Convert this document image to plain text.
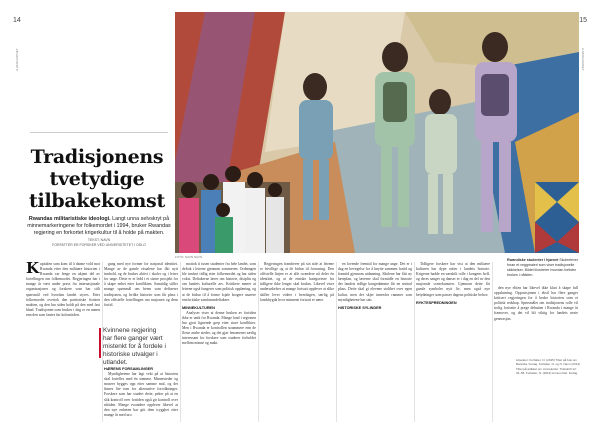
14	15
A-MAGASINET	A-MAGASINET
FOTO: NAVN NAVN
Tradisjonens tvetydige tilbakekomst
Rwandas militaristiske ideologi. Langt unna selvskryt på minnemarkeringene for folkemordet i 1994, bruker Rwandas regjering en forkortet krigerkultur til å holde på makten.
TEKST: NAVN
FORFATTER ER FORSKER VED UNIVERSITETET I OSLO
Rwandiske studenter i hjørnet Skoleelever foran et veggmaleri som viser tradisjonelle skikkelser. Bildet illustrerer hvordan fortiden brukes i nåtiden.

Kapitalen som kom til å danne vold mot Rwanda etter den militære historien i Rwanda var lenge en ukjent del av fortellingen om folkemordet. Regjeringen har i mange år vært under press fra internasjonale organisasjoner og forskere som har stilt spørsmål ved hvordan landet styres. Etter folkemordet overtok den patriotiske fronten makten, og den har siden holdt på den med fast hånd. Tradisjonen som brukes i dag er en annen enn den som fantes før kolonitiden.

gang med nye former for nasjonal identitet. Mange av de gamle ritualene har fått nytt innhold, og de brukes aktivt i skoler og i leirer for unge. Dette er et ledd i et større prosjekt for å skape enhet etter konflikten. Samtidig stiller mange spørsmål om hvem som definerer tradisjonen, og hvilke historier som får plass i den offisielle fortellingen om nasjonen og dens fortid.

Kvinnene regjering har flere ganger vært mistenkt for å fordele i historiske utvalger i utlandet.

HÆRENS FORSAMLINGER

Myndighetene har lagt vekt på at historien skal fortelles med én stemme. Minnesteder og museer bygges opp etter samme mal, og det finnes lite rom for alternative fortolkninger. Forskere som har studert dette, peker på at en slik kontroll over fortiden også gir kontroll over nåtiden. Mange rwandere opplever likevel at den nye enheten har gitt dem trygghet etter mange år med uro.

mottok ti tusen studenter fra hele landet, som deltok i leirene gjennom sommeren. Ordningen ble innført tidlig etter folkemordet og har siden vokst. Deltakerne lærer om historie, disiplin og om landets kulturelle arv. Kritikere mener at leirene også fungerer som politisk opplæring, og at de bidrar til å forme lojale borgere snarere enn kritiske samfunnsdeltakere.

MINNEKULTUREN

Analyser viser at denne bruken av fortiden ikke er unik for Rwanda. Mange land i regionen har gjort lignende grep etter store konflikter. Men i Rwanda er kontrollen strammere enn de fleste andre steder, og det gjør fenomenet særlig interessant for forskere som studerer forholdet mellom minne og makt.

Regjeringen framhever på sin side at leirene er frivillige og at de bidrar til forsoning. Den offisielle linjen er at alle rwandere nå deler én identitet, og at de etniske kategoriene fra tidligere ikke lenger skal brukes. Likevel viser undersøkelser at mange fortsatt opplever at slike skiller lever videre i hverdagen, særlig på landsbygda hvor minnene fortsatt er nære.

en lovende fremtid for mange unge. Det er i dag en bevegelse for å knytte sammen fortid og framtid gjennom utdanning. Skolene har fått ny læreplan, og lærerne skal formidle en historie der landets tidlige kongedømme får en sentral plass. Dette skal gi elevene stolthet over egen kultur, men det skjer innenfor rammer som myndighetene har satt.

HISTORISKE SYLINDER

Tidligere forskere har vist at den militære kulturen har dype røtter i landets historie. Krigerne hadde en særskilt rolle i kongens hoff, og deres sanger og danser er i dag en del av den nasjonale scenekunsten. Gjennom dette får gamle symboler nytt liv, men også nye betydninger som passer dagens politiske behov.

RYKTESPREDNINGEN

den nye eliten har likevel ikke klart å skape full oppslutning. Opposisjonen i eksil har flere ganger kritisert regjeringen for å bruke historien som et politisk redskap. Spørsmålet om tradisjonens rolle vil trolig fortsette å prege debatten i Rwanda i mange år framover, og det vil bli viktig for landets neste generasjon.

Litteratur: Forfatter, N. (2015) Tittel på bok om Rwanda. Forlag. Forfatter, N. og N. Navn (2014) Tittel på artikkel om minnekultur. Tidsskrift 12: 34–56. Forfatter, N. (2013) Annen tittel. Forlag.
